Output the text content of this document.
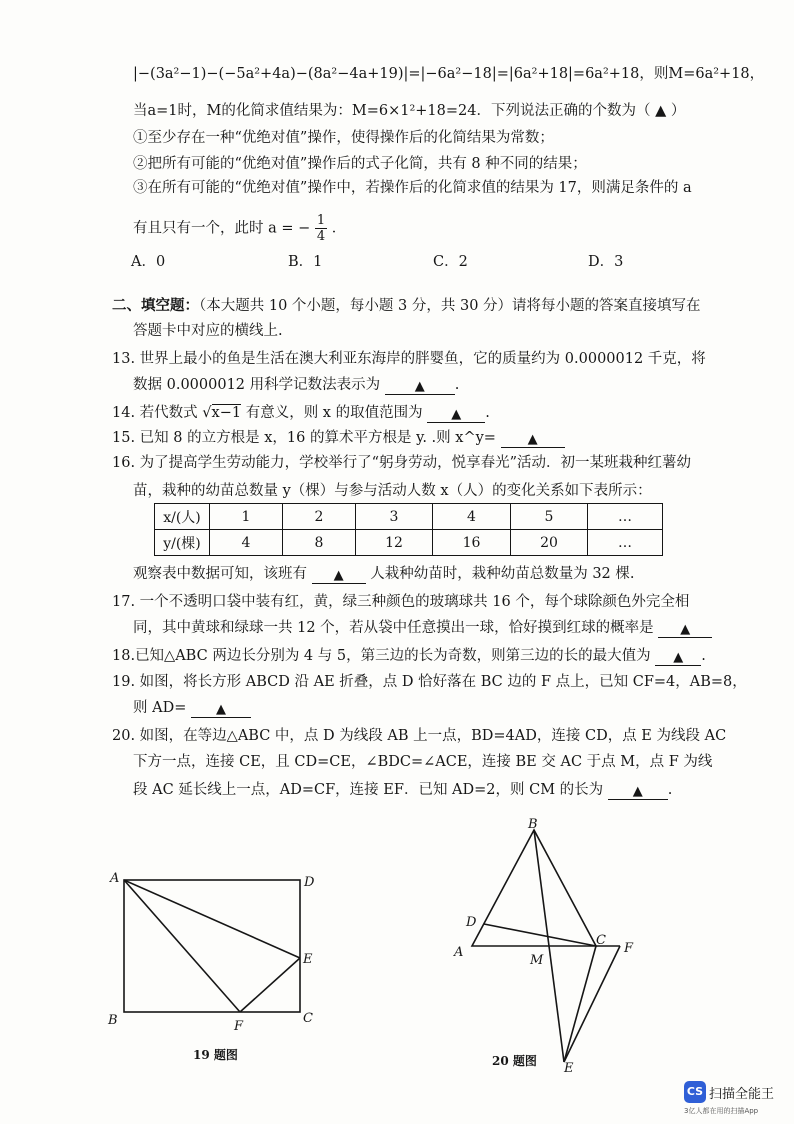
|−(3a²−1)−(−5a²+4a)−(8a²−4a+19)|=|−6a²−18|=|6a²+18|=6a²+18，则M=6a²+18，
当a=1时，M的化简求值结果为：M=6×1²+18=24．下列说法正确的个数为（ ▲ ）
①至少存在一种“优绝对值”操作，使得操作后的化简结果为常数；
②把所有可能的“优绝对值”操作后的式子化简，共有 8 种不同的结果；
③在所有可能的“优绝对值”操作中，若操作后的化简求值的结果为 17，则满足条件的 a
有且只有一个，此时 a = − $\frac{1}{4}$ ．
A．0	B．1	C．2	D．3
二、填空题：（本大题共 10 个小题，每小题 3 分，共 30 分）请将每小题的答案直接填写在
答题卡中对应的横线上.
13. 世界上最小的鱼是生活在澳大利亚东海岸的胖婴鱼，它的质量约为 0.0000012 千克，将
数据 0.0000012 用科学记数法表示为	▲ .
14. 若代数式 √x−1 有意义，则 x 的取值范围为 ▲ .
15. 已知 8 的立方根是 x，16 的算术平方根是 y. .则 x^y= ▲
16. 为了提高学生劳动能力，学校举行了“躬身劳动，悦享春光”活动．初一某班栽种红薯幼
苗，栽种的幼苗总数量 y（棵）与参与活动人数 x（人）的变化关系如下表所示：
x/(人)	1	2	3	4	5	…
y/(棵)	4	8	12	16	20	…
观察表中数据可知，该班有 ▲ 人栽种幼苗时，栽种幼苗总数量为 32 棵.
17. 一个不透明口袋中装有红，黄，绿三种颜色的玻璃球共 16 个，每个球除颜色外完全相
同，其中黄球和绿球一共 12 个，若从袋中任意摸出一球，恰好摸到红球的概率是 ▲
18.已知△ABC 两边长分别为 4 与 5，第三边的长为奇数，则第三边的长的最大值为 ▲ .
19. 如图，将长方形 ABCD 沿 AE 折叠，点 D 恰好落在 BC 边的 F 点上，已知 CF=4，AB=8，
则 AD= ▲
20. 如图，在等边△ABC 中，点 D 为线段 AB 上一点，BD=4AD，连接 CD，点 E 为线段 AC
下方一点，连接 CE，且 CD=CE，∠BDC=∠ACE，连接 BE 交 AC 于点 M，点 F 为线
段 AC 延长线上一点，AD=CF，连接 EF．已知 AD=2，则 CM 的长为 ▲ .
A	D
E
B	C
F
19 题图
B
D
A
C
F
M
E
20 题图
CS 扫描全能王
3亿人都在用的扫描App
